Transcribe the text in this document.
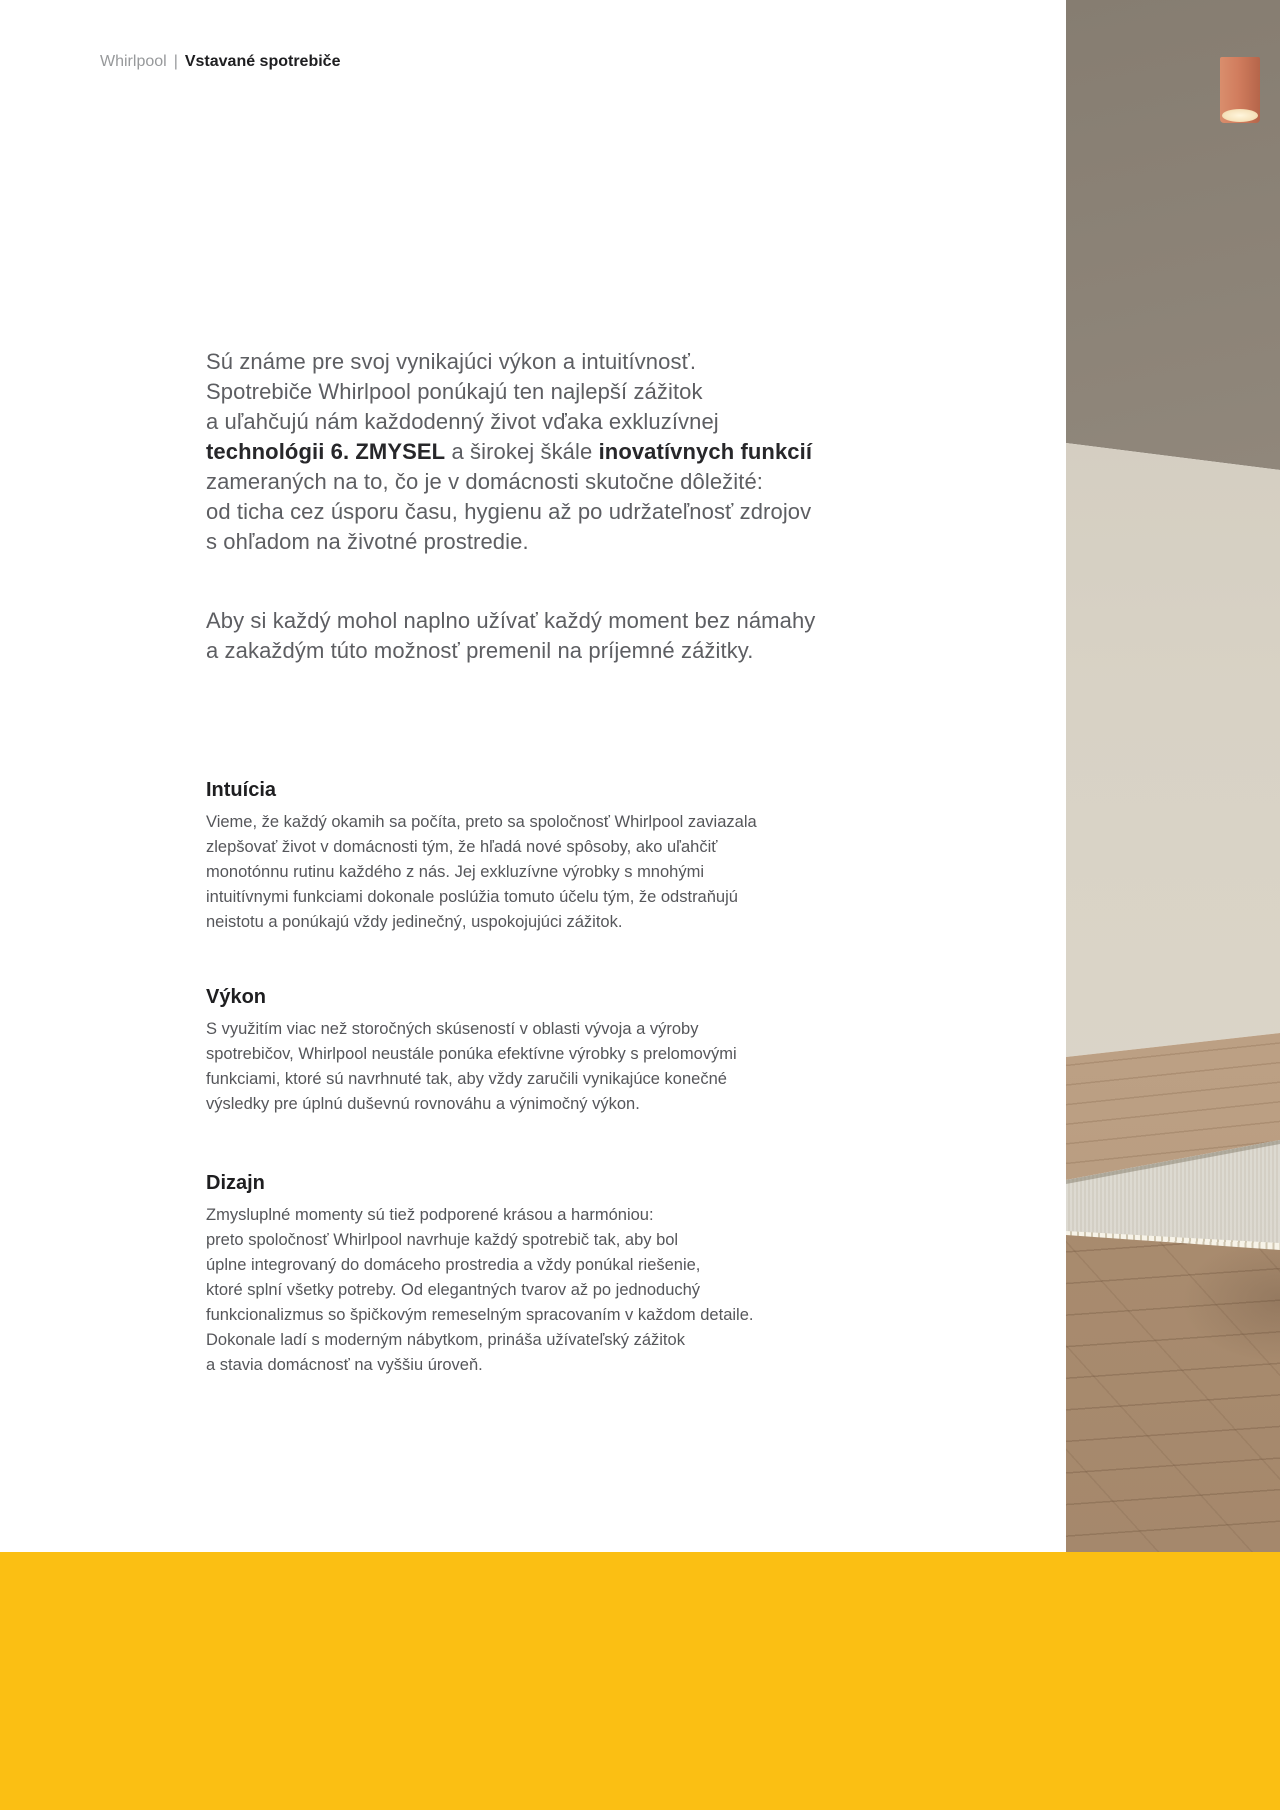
Whirlpool | Vstavané spotrebiče

Sú známe pre svoj vynikajúci výkon a intuitívnosť.
Spotrebiče Whirlpool ponúkajú ten najlepší zážitok
a uľahčujú nám každodenný život vďaka exkluzívnej
technológii 6. ZMYSEL a širokej škále inovatívnych funkcií
zameraných na to, čo je v domácnosti skutočne dôležité:
od ticha cez úsporu času, hygienu až po udržateľnosť zdrojov
s ohľadom na životné prostredie.

Aby si každý mohol naplno užívať každý moment bez námahy
a zakaždým túto možnosť premenil na príjemné zážitky.

Intuícia

Vieme, že každý okamih sa počíta, preto sa spoločnosť Whirlpool zaviazala
zlepšovať život v domácnosti tým, že hľadá nové spôsoby, ako uľahčiť
monotónnu rutinu každého z nás. Jej exkluzívne výrobky s mnohými
intuitívnymi funkciami dokonale poslúžia tomuto účelu tým, že odstraňujú
neistotu a ponúkajú vždy jedinečný, uspokojujúci zážitok.

Výkon

S využitím viac než storočných skúseností v oblasti vývoja a výroby
spotrebičov, Whirlpool neustále ponúka efektívne výrobky s prelomovými
funkciami, ktoré sú navrhnuté tak, aby vždy zaručili vynikajúce konečné
výsledky pre úplnú duševnú rovnováhu a výnimočný výkon.

Dizajn

Zmysluplné momenty sú tiež podporené krásou a harmóniou:
preto spoločnosť Whirlpool navrhuje každý spotrebič tak, aby bol
úplne integrovaný do domáceho prostredia a vždy ponúkal riešenie,
ktoré splní všetky potreby. Od elegantných tvarov až po jednoduchý
funkcionalizmus so špičkovým remeselným spracovaním v každom detaile.
Dokonale ladí s moderným nábytkom, prináša užívateľský zážitok
a stavia domácnosť na vyššiu úroveň.
